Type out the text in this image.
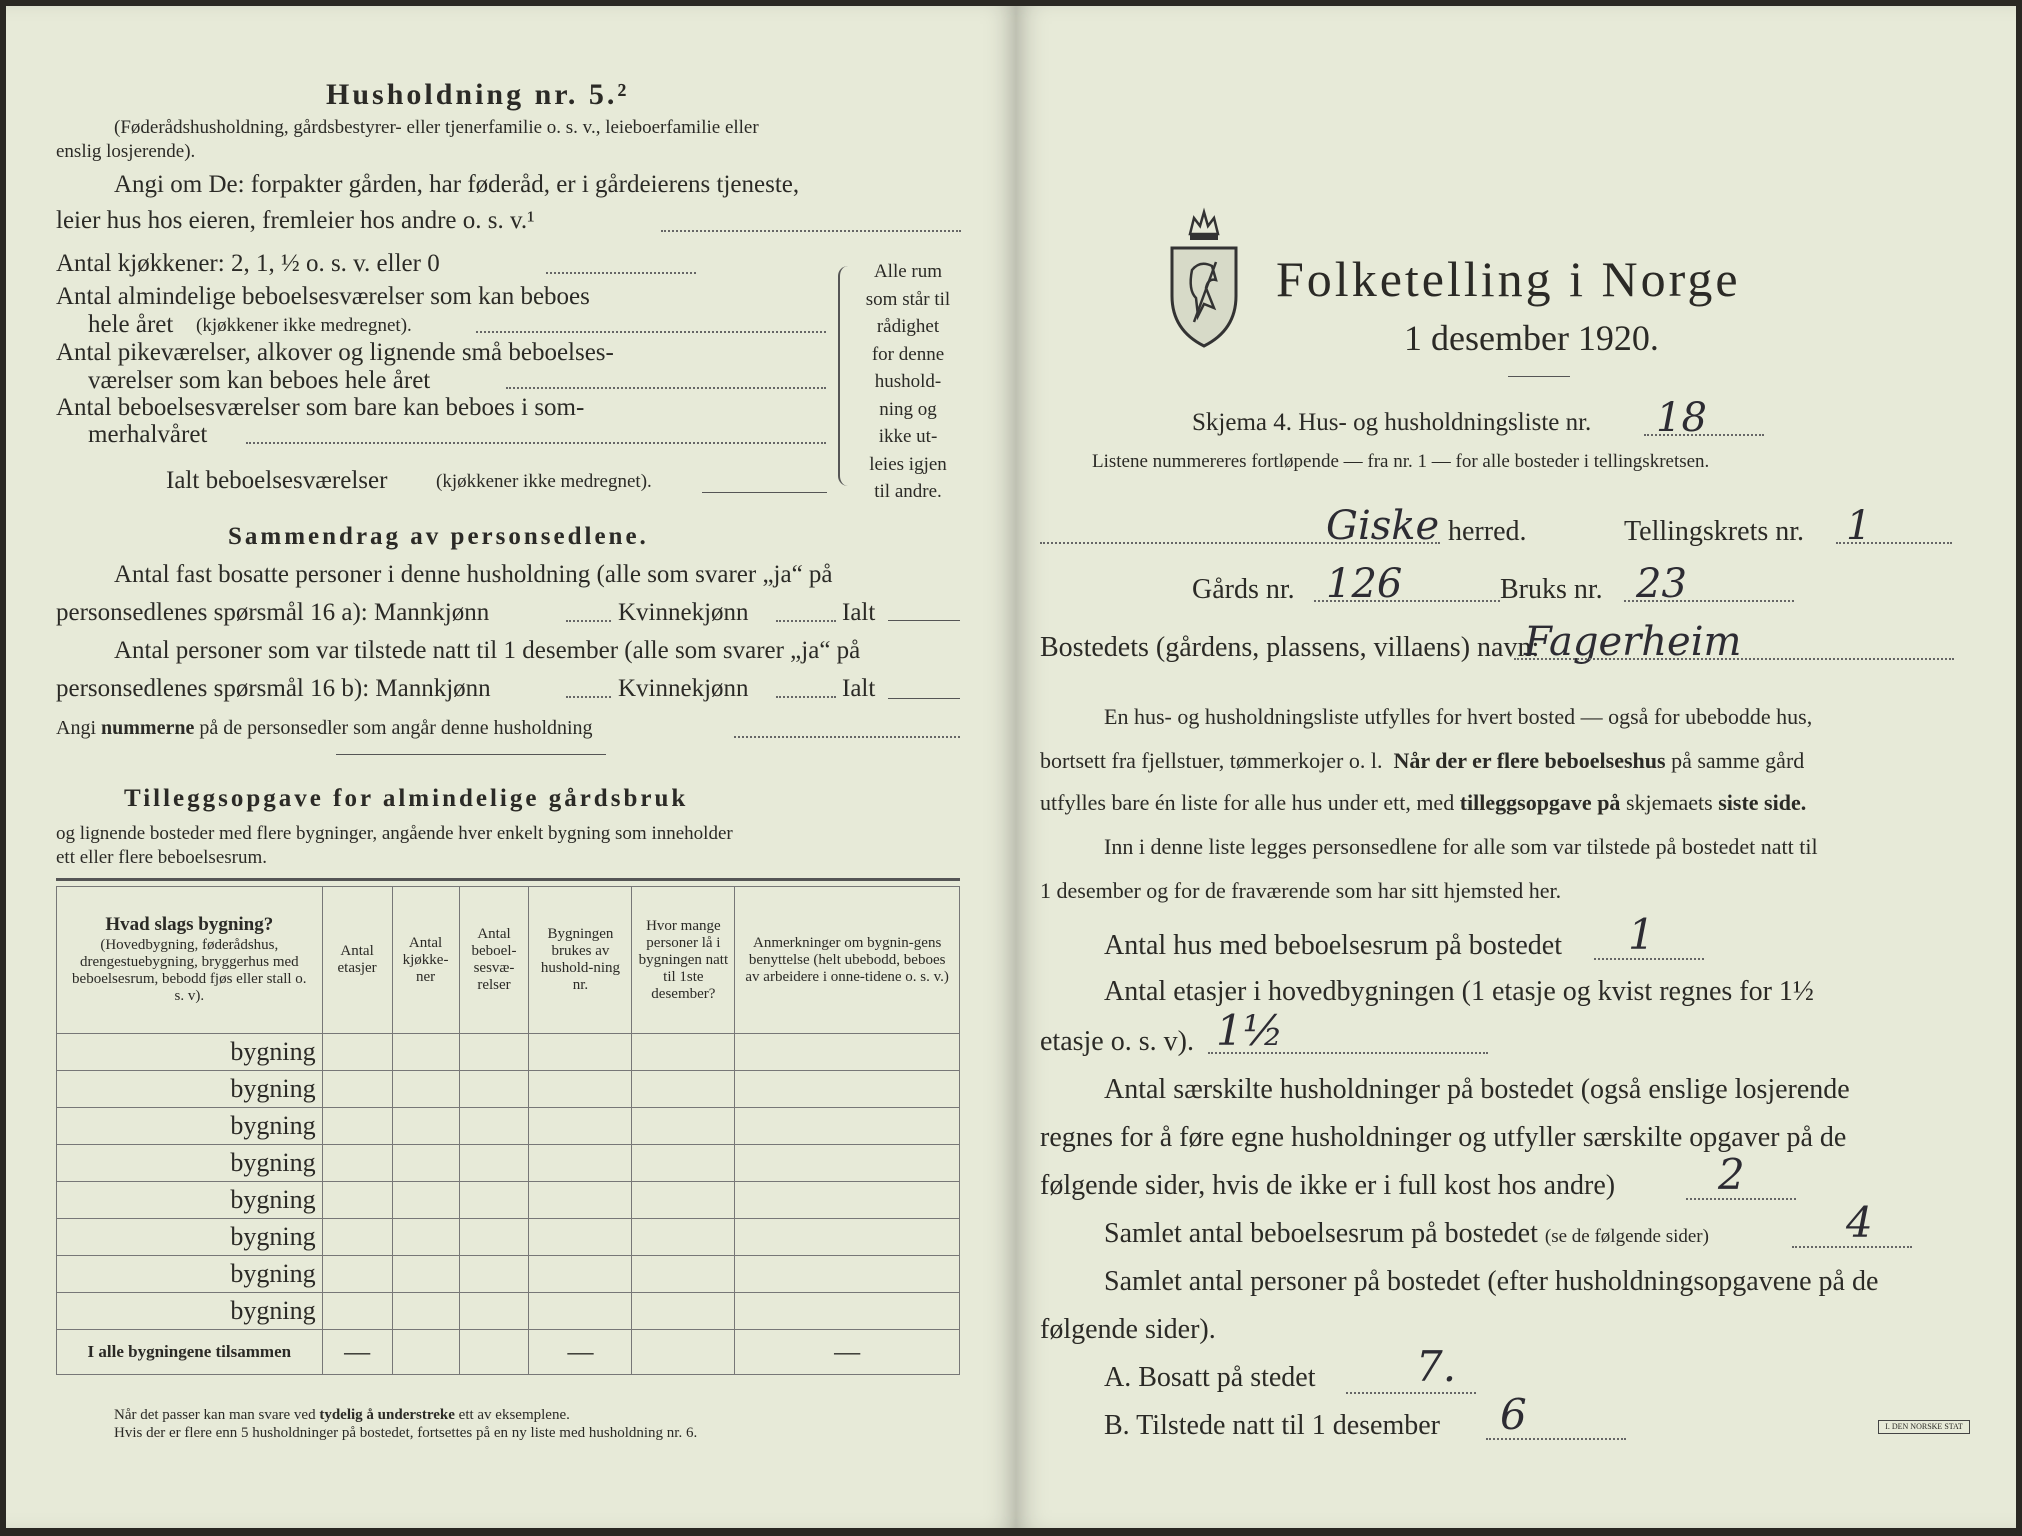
Husholdning nr. 5.²
(Føderådshusholdning, gårdsbestyrer- eller tjenerfamilie o. s. v., leieboerfamilie eller
enslig losjerende).
Angi om De: forpakter gården, har føderåd, er i gårdeierens tjeneste,
leier hus hos eieren, fremleier hos andre o. s. v.¹
Antal kjøkkener: 2, 1, ½ o. s. v. eller 0
Antal almindelige beboelsesværelser som kan beboes
hele året (kjøkkener ikke medregnet).
Antal pikeværelser, alkover og lignende små beboelses-
værelser som kan beboes hele året
Antal beboelsesværelser som bare kan beboes i som-
merhalvåret
Ialt beboelsesværelser	(kjøkkener ikke medregnet).
Alle rum
som står til
rådighet
for denne
hushold-
ning og
ikke ut-
leies igjen
til andre.
Sammendrag av personsedlene.
Antal fast bosatte personer i denne husholdning (alle som svarer „ja“ på
personsedlenes spørsmål 16 a): Mannkjønn	Kvinnekjønn	Ialt
Antal personer som var tilstede natt til 1 desember (alle som svarer „ja“ på
personsedlenes spørsmål 16 b): Mannkjønn	Kvinnekjønn	Ialt
Angi nummerne på de personsedler som angår denne husholdning
Tilleggsopgave for almindelige gårdsbruk
og lignende bosteder med flere bygninger, angående hver enkelt bygning som inneholder
ett eller flere beboelsesrum.
Hvad slags bygning?
(Hovedbygning, føderådshus, drengestuebygning, bryggerhus med beboelsesrum, bebodd fjøs eller stall o. s. v).	Antal etasjer	Antal kjøkke-ner	Antal beboel-sesvæ-relser	Bygningen brukes av hushold-ning nr.	Hvor mange personer lå i bygningen natt til 1ste desember?	Anmerkninger om bygnin-gens benyttelse (helt ubebodd, beboes av arbeidere i onne-tidene o. s. v.)
bygning						
bygning						
bygning						
bygning						
bygning						
bygning						
bygning						
bygning						
I alle bygningene tilsammen	—			—		—
Når det passer kan man svare ved tydelig å understreke ett av eksemplene.
Hvis der er flere enn 5 husholdninger på bostedet, fortsettes på en ny liste med husholdning nr. 6.
Folketelling i Norge
1 desember 1920.
Skjema 4. Hus- og husholdningsliste nr. 18
Listene nummereres fortløpende — fra nr. 1 — for alle bosteder i tellingskretsen.
Giske herred.	Tellingskrets nr. 1
Gårds nr. 126	Bruks nr. 23
Bostedets (gårdens, plassens, villaens) navn:
Fagerheim
En hus- og husholdningsliste utfylles for hvert bosted — også for ubebodde hus,
bortsett fra fjellstuer, tømmerkojer o. l. Når der er flere beboelseshus på samme gård
utfylles bare én liste for alle hus under ett, med tilleggsopgave på skjemaets siste side.
Inn i denne liste legges personsedlene for alle som var tilstede på bostedet natt til
1 desember og for de fraværende som har sitt hjemsted her.
Antal hus med beboelsesrum på bostedet 1
Antal etasjer i hovedbygningen (1 etasje og kvist regnes for 1½
etasje o. s. v). 1½
Antal særskilte husholdninger på bostedet (også enslige losjerende
regnes for å føre egne husholdninger og utfyller særskilte opgaver på de
følgende sider, hvis de ikke er i full kost hos andre) 2
Samlet antal beboelsesrum på bostedet (se de følgende sider)	4
Samlet antal personer på bostedet (efter husholdningsopgavene på de
følgende sider).
A. Bosatt på stedet 7.
B. Tilstede natt til 1 desember 6	I. DEN NORSKE STAT
